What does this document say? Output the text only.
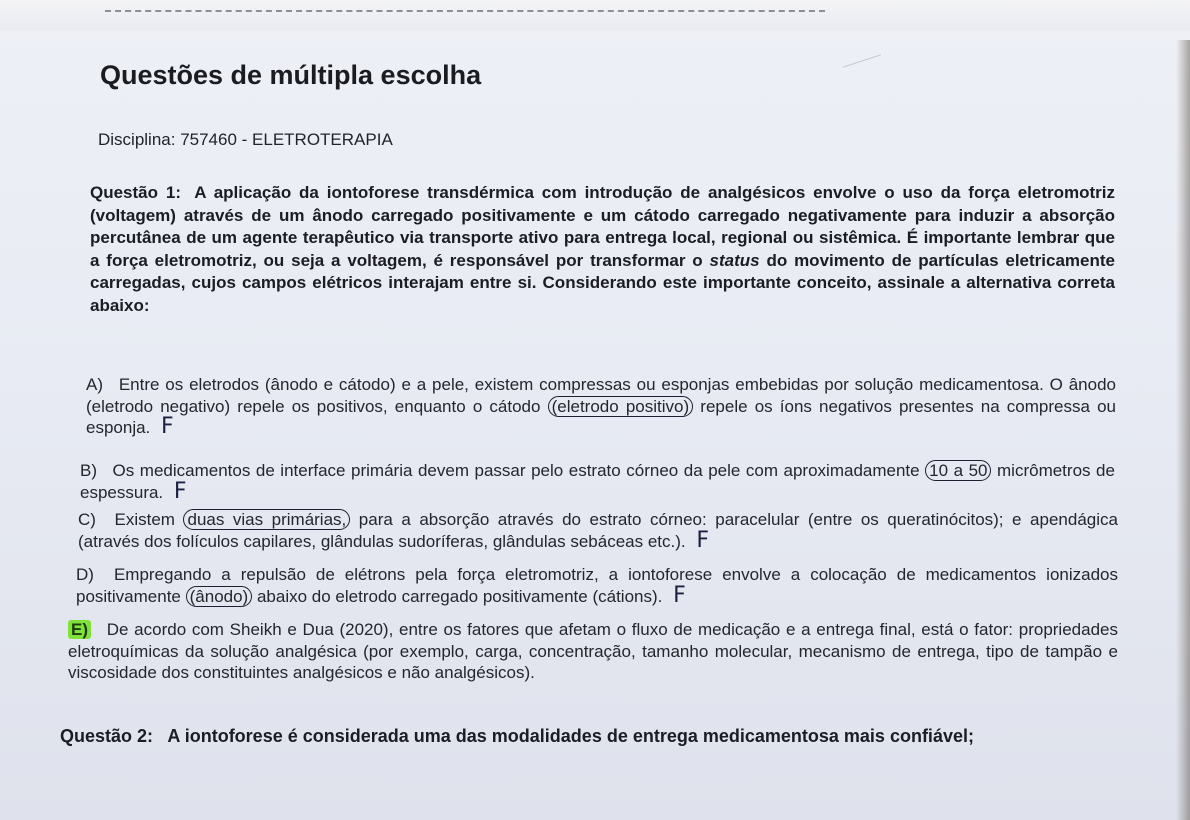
Questões de múltipla escolha
Disciplina: 757460 - ELETROTERAPIA
Questão 1: A aplicação da iontoforese transdérmica com introdução de analgésicos envolve o uso da força eletromotriz (voltagem) através de um ânodo carregado positivamente e um cátodo carregado negativamente para induzir a absorção percutânea de um agente terapêutico via transporte ativo para entrega local, regional ou sistêmica. É importante lembrar que a força eletromotriz, ou seja a voltagem, é responsável por transformar o status do movimento de partículas eletricamente carregadas, cujos campos elétricos interajam entre si. Considerando este importante conceito, assinale a alternativa correta abaixo:
A) Entre os eletrodos (ânodo e cátodo) e a pele, existem compressas ou esponjas embebidas por solução medicamentosa. O ânodo (eletrodo negativo) repele os positivos, enquanto o cátodo (eletrodo positivo) repele os íons negativos presentes na compressa ou esponja. F
B) Os medicamentos de interface primária devem passar pelo estrato córneo da pele com aproximadamente 10 a 50 micrômetros de espessura. F
C) Existem duas vias primárias, para a absorção através do estrato córneo: paracelular (entre os queratinócitos); e apendágica (através dos folículos capilares, glândulas sudoríferas, glândulas sebáceas etc.). F
D) Empregando a repulsão de elétrons pela força eletromotriz, a iontoforese envolve a colocação de medicamentos ionizados positivamente (ânodo) abaixo do eletrodo carregado positivamente (cátions). F
E) De acordo com Sheikh e Dua (2020), entre os fatores que afetam o fluxo de medicação e a entrega final, está o fator: propriedades eletroquímicas da solução analgésica (por exemplo, carga, concentração, tamanho molecular, mecanismo de entrega, tipo de tampão e viscosidade dos constituintes analgésicos e não analgésicos).
Questão 2: A iontoforese é considerada uma das modalidades de entrega medicamentosa mais confiável;
